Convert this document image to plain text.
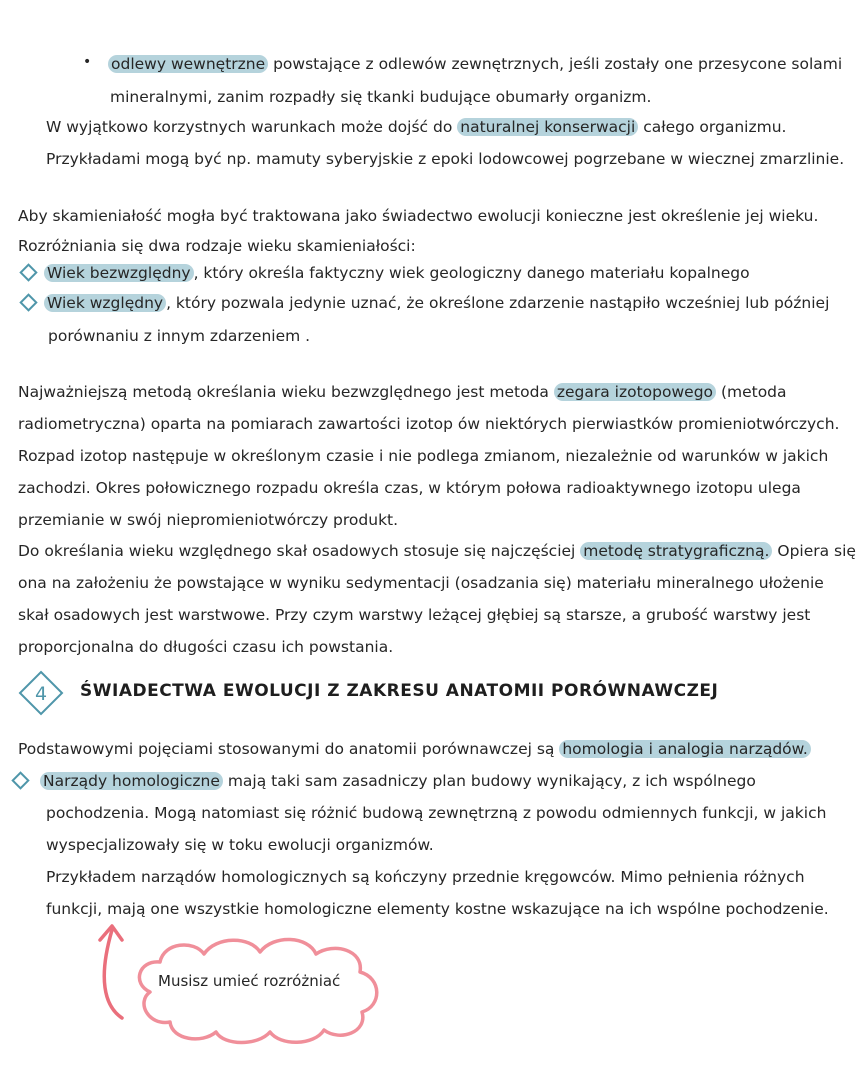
• odlewy wewnętrzne powstające z odlewów zewnętrznych, jeśli zostały one przesycone solami
mineralnymi, zanim rozpadły się tkanki budujące obumarły organizm.
W wyjątkowo korzystnych warunkach może dojść do naturalnej konserwacji całego organizmu.
Przykładami mogą być np. mamuty syberyjskie z epoki lodowcowej pogrzebane w wiecznej zmarzlinie.
Aby skamieniałość mogła być traktowana jako świadectwo ewolucji konieczne jest określenie jej wieku.
Rozróżniania się dwa rodzaje wieku skamieniałości:
Wiek bezwzględny , który określa faktyczny wiek geologiczny danego materiału kopalnego
Wiek względny , który pozwala jedynie uznać, że określone zdarzenie nastąpiło wcześniej lub później
porównaniu z innym zdarzeniem .
Najważniejszą metodą określania wieku bezwzględnego jest metoda zegara izotopowego (metoda
radiometryczna) oparta na pomiarach zawartości izotop ów niektórych pierwiastków promieniotwórczych.
Rozpad izotop następuje w określonym czasie i nie podlega zmianom, niezależnie od warunków w jakich
zachodzi. Okres połowicznego rozpadu określa czas, w którym połowa radioaktywnego izotopu ulega
przemianie w swój niepromieniotwórczy produkt.
Do określania wieku względnego skał osadowych stosuje się najczęściej metodę stratygraficzną. Opiera się
ona na założeniu że powstające w wyniku sedymentacji (osadzania się) materiału mineralnego ułożenie
skał osadowych jest warstwowe. Przy czym warstwy leżącej głębiej są starsze, a grubość warstwy jest
proporcjonalna do długości czasu ich powstania.
4 ŚWIADECTWA EWOLUCJI Z ZAKRESU ANATOMII PORÓWNAWCZEJ
Podstawowymi pojęciami stosowanymi do anatomii porównawczej są homologia i analogia narządów.
Narządy homologiczne mają taki sam zasadniczy plan budowy wynikający, z ich wspólnego
pochodzenia. Mogą natomiast się różnić budową zewnętrzną z powodu odmiennych funkcji, w jakich
wyspecjalizowały się w toku ewolucji organizmów.
Przykładem narządów homologicznych są kończyny przednie kręgowców. Mimo pełnienia różnych
funkcji, mają one wszystkie homologiczne elementy kostne wskazujące na ich wspólne pochodzenie.
Musisz umieć rozróżniać
